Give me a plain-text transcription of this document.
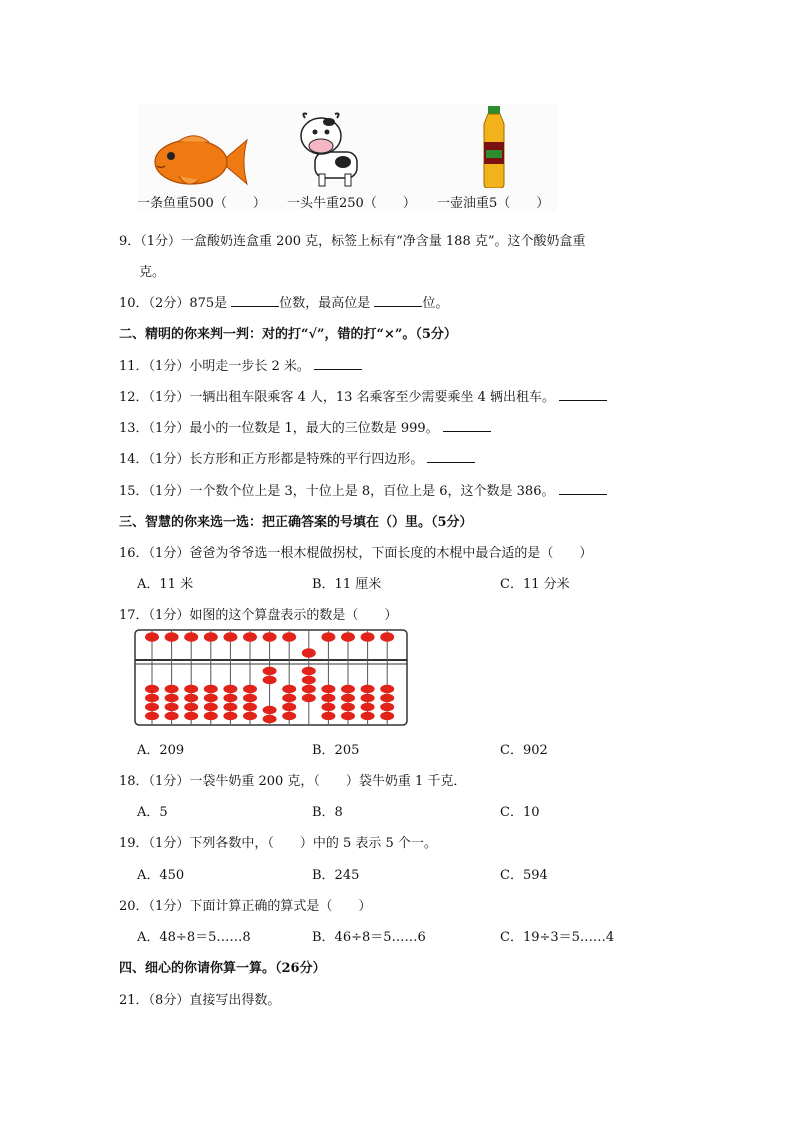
一条鱼重500（　　） 一头牛重250（　　） 一壶油重5（　　）
9．（1分）一盒酸奶连盒重 200 克，标签上标有“净含量 188 克”。这个酸奶盒重
克。
10．（2分）875是	位数，最高位是	位。
二、精明的你来判一判：对的打“√”，错的打“×”。（5分）
11．（1分）小明走一步长 2 米。
12．（1分）一辆出租车限乘客 4 人，13 名乘客至少需要乘坐 4 辆出租车。
13．（1分）最小的一位数是 1，最大的三位数是 999。
14．（1分）长方形和正方形都是特殊的平行四边形。
15．（1分）一个数个位上是 3，十位上是 8，百位上是 6，这个数是 386。
三、智慧的你来选一选：把正确答案的号填在（）里。（5分）
16．（1分）爸爸为爷爷选一根木棍做拐杖，下面长度的木棍中最合适的是（　　）
A．11 米	B．11 厘米	C．11 分米
17．（1分）如图的这个算盘表示的数是（　　）
A．209	B．205	C．902
18．（1分）一袋牛奶重 200 克，（　　）袋牛奶重 1 千克．
A．5	B．8	C．10
19．（1分）下列各数中，（　　）中的 5 表示 5 个一。
A．450	B．245	C．594
20．（1分）下面计算正确的算式是（　　）
A．48÷8＝5……8	B．46÷8＝5……6	C．19÷3＝5……4
四、细心的你请你算一算。（26分）
21．（8分）直接写出得数。
